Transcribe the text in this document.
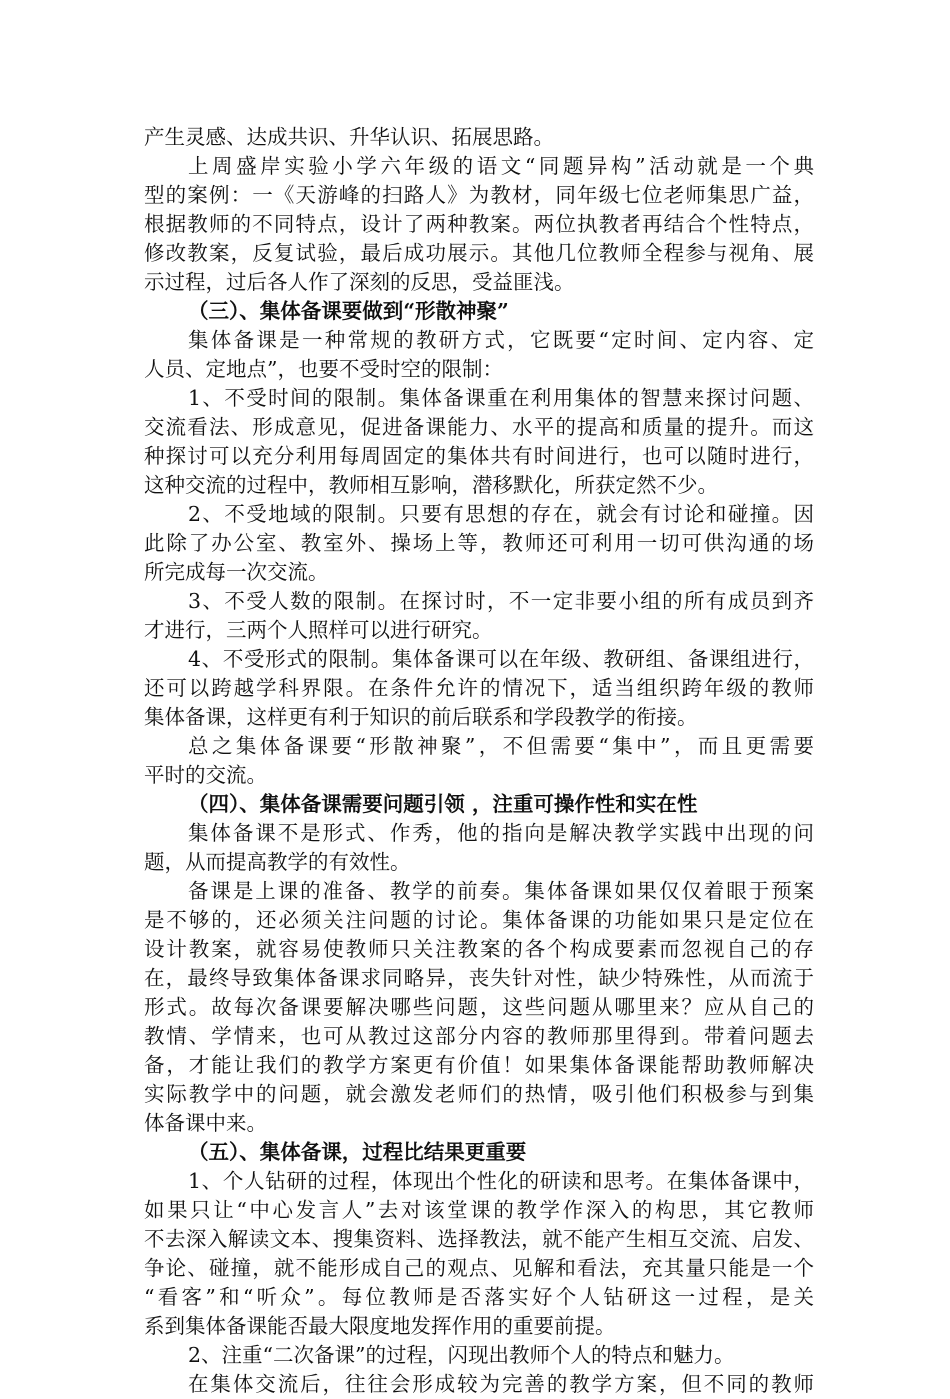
产生灵感、达成共识、升华认识、拓展思路。
上周盛岸实验小学六年级的语文“同题异构”活动就是一个典
型的案例：一《天游峰的扫路人》为教材，同年级七位老师集思广益，
根据教师的不同特点，设计了两种教案。两位执教者再结合个性特点，
修改教案，反复试验，最后成功展示。其他几位教师全程参与视角、展
示过程，过后各人作了深刻的反思，受益匪浅。
（三）、集体备课要做到“形散神聚”
集体备课是一种常规的教研方式，它既要“定时间、定内容、定
人员、定地点”，也要不受时空的限制：
1、不受时间的限制。集体备课重在利用集体的智慧来探讨问题、
交流看法、形成意见，促进备课能力、水平的提高和质量的提升。而这
种探讨可以充分利用每周固定的集体共有时间进行，也可以随时进行，
这种交流的过程中，教师相互影响，潜移默化，所获定然不少。
2、不受地域的限制。只要有思想的存在，就会有讨论和碰撞。因
此除了办公室、教室外、操场上等，教师还可利用一切可供沟通的场
所完成每一次交流。
3、不受人数的限制。在探讨时，不一定非要小组的所有成员到齐
才进行，三两个人照样可以进行研究。
4、不受形式的限制。集体备课可以在年级、教研组、备课组进行，
还可以跨越学科界限。在条件允许的情况下，适当组织跨年级的教师
集体备课，这样更有利于知识的前后联系和学段教学的衔接。
总之集体备课要“形散神聚”，不但需要“集中”，而且更需要
平时的交流。
（四）、集体备课需要问题引领 ，注重可操作性和实在性
集体备课不是形式、作秀，他的指向是解决教学实践中出现的问
题，从而提高教学的有效性。
备课是上课的准备、教学的前奏。集体备课如果仅仅着眼于预案
是不够的，还必须关注问题的讨论。集体备课的功能如果只是定位在
设计教案，就容易使教师只关注教案的各个构成要素而忽视自己的存
在，最终导致集体备课求同略异，丧失针对性，缺少特殊性，从而流于
形式。故每次备课要解决哪些问题，这些问题从哪里来？应从自己的
教情、学情来，也可从教过这部分内容的教师那里得到。带着问题去
备，才能让我们的教学方案更有价值！如果集体备课能帮助教师解决
实际教学中的问题，就会激发老师们的热情，吸引他们积极参与到集
体备课中来。
（五）、集体备课，过程比结果更重要
1、个人钻研的过程，体现出个性化的研读和思考。在集体备课中，
如果只让“中心发言人”去对该堂课的教学作深入的构思，其它教师
不去深入解读文本、搜集资料、选择教法，就不能产生相互交流、启发、
争论、碰撞，就不能形成自己的观点、见解和看法，充其量只能是一个
“看客”和“听众”。每位教师是否落实好个人钻研这一过程，是关
系到集体备课能否最大限度地发挥作用的重要前提。
2、注重“二次备课”的过程，闪现出教师个人的特点和魅力。
在集体交流后，往往会形成较为完善的教学方案，但不同的教师
